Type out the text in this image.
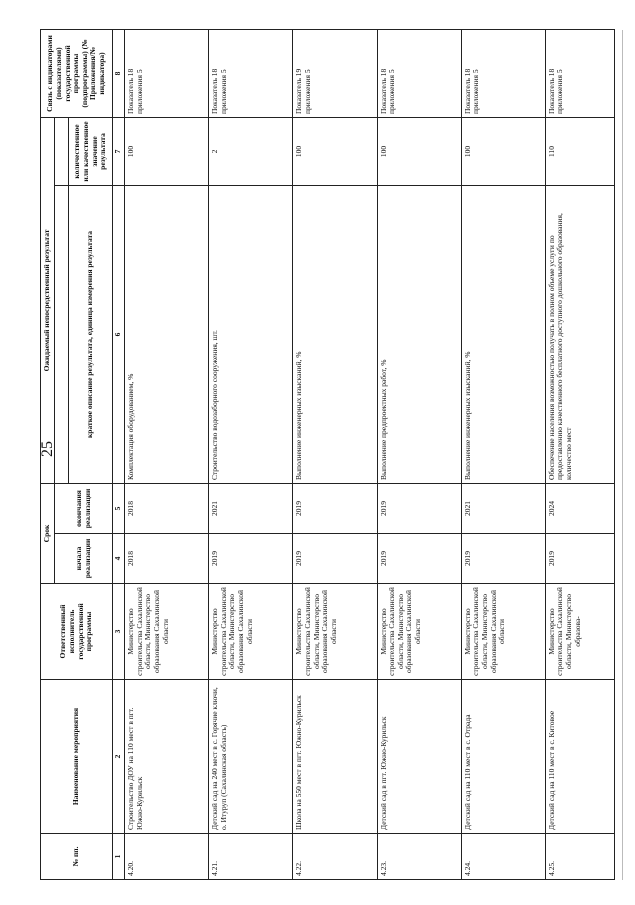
25
№ пп.	Наименование мероприятия	Ответственный исполнитель государственной программы	Срок		Ожидаемый непосредственный результат		Связь с индикаторами (показателями) государственной программы (подпрограммы) (№ Приложения/№ индикатора)
			начала реализации	окончания реализации			
					краткое описание результата, единица измерения результата	количественное или качественное значение результата	
1	2	3	4	5	6	7	8
4.20.	Строительство ДОУ на 110 мест в пгт. Южно-Курильск	Министерство строительства Сахалинской области, Министерство образования Сахалинской области	2018	2018	Комплектация оборудованием, %	100	Показатель 18 приложения 5
4.21.	Детский сад на 240 мест в с. Горячие ключи, о. Итуруп (Сахалинская область)	Министерство строительства Сахалинской области, Министерство образования Сахалинской области	2019	2021	Строительство водозаборного сооружения, шт.	2	Показатель 18 приложения 5
4.22.	Школа на 550 мест в пгт. Южно-Курильск	Министерство строительства Сахалинской области, Министерство образования Сахалинской области	2019	2019	Выполнение инженерных изысканий, %	100	Показатель 19 приложения 5
4.23.	Детский сад в пгт. Южно-Курильск	Министерство строительства Сахалинской области, Министерство образования Сахалинской области	2019	2019	Выполнение предпроектных работ, %	100	Показатель 18 приложения 5
4.24.	Детский сад на 110 мест в с. Отрада	Министерство строительства Сахалинской области, Министерство образования Сахалинской области	2019	2021	Выполнение инженерных изысканий, %	100	Показатель 18 приложения 5
4.25.	Детский сад на 110 мест в с. Китовое	Министерство строительства Сахалинской области, Министерство образова-	2019	2024	Обеспечение населения возможностью получать в полном объеме услуги по предоставлению качественного бесплатного доступного дошкольного образования, количество мест	110	Показатель 18 приложения 5
